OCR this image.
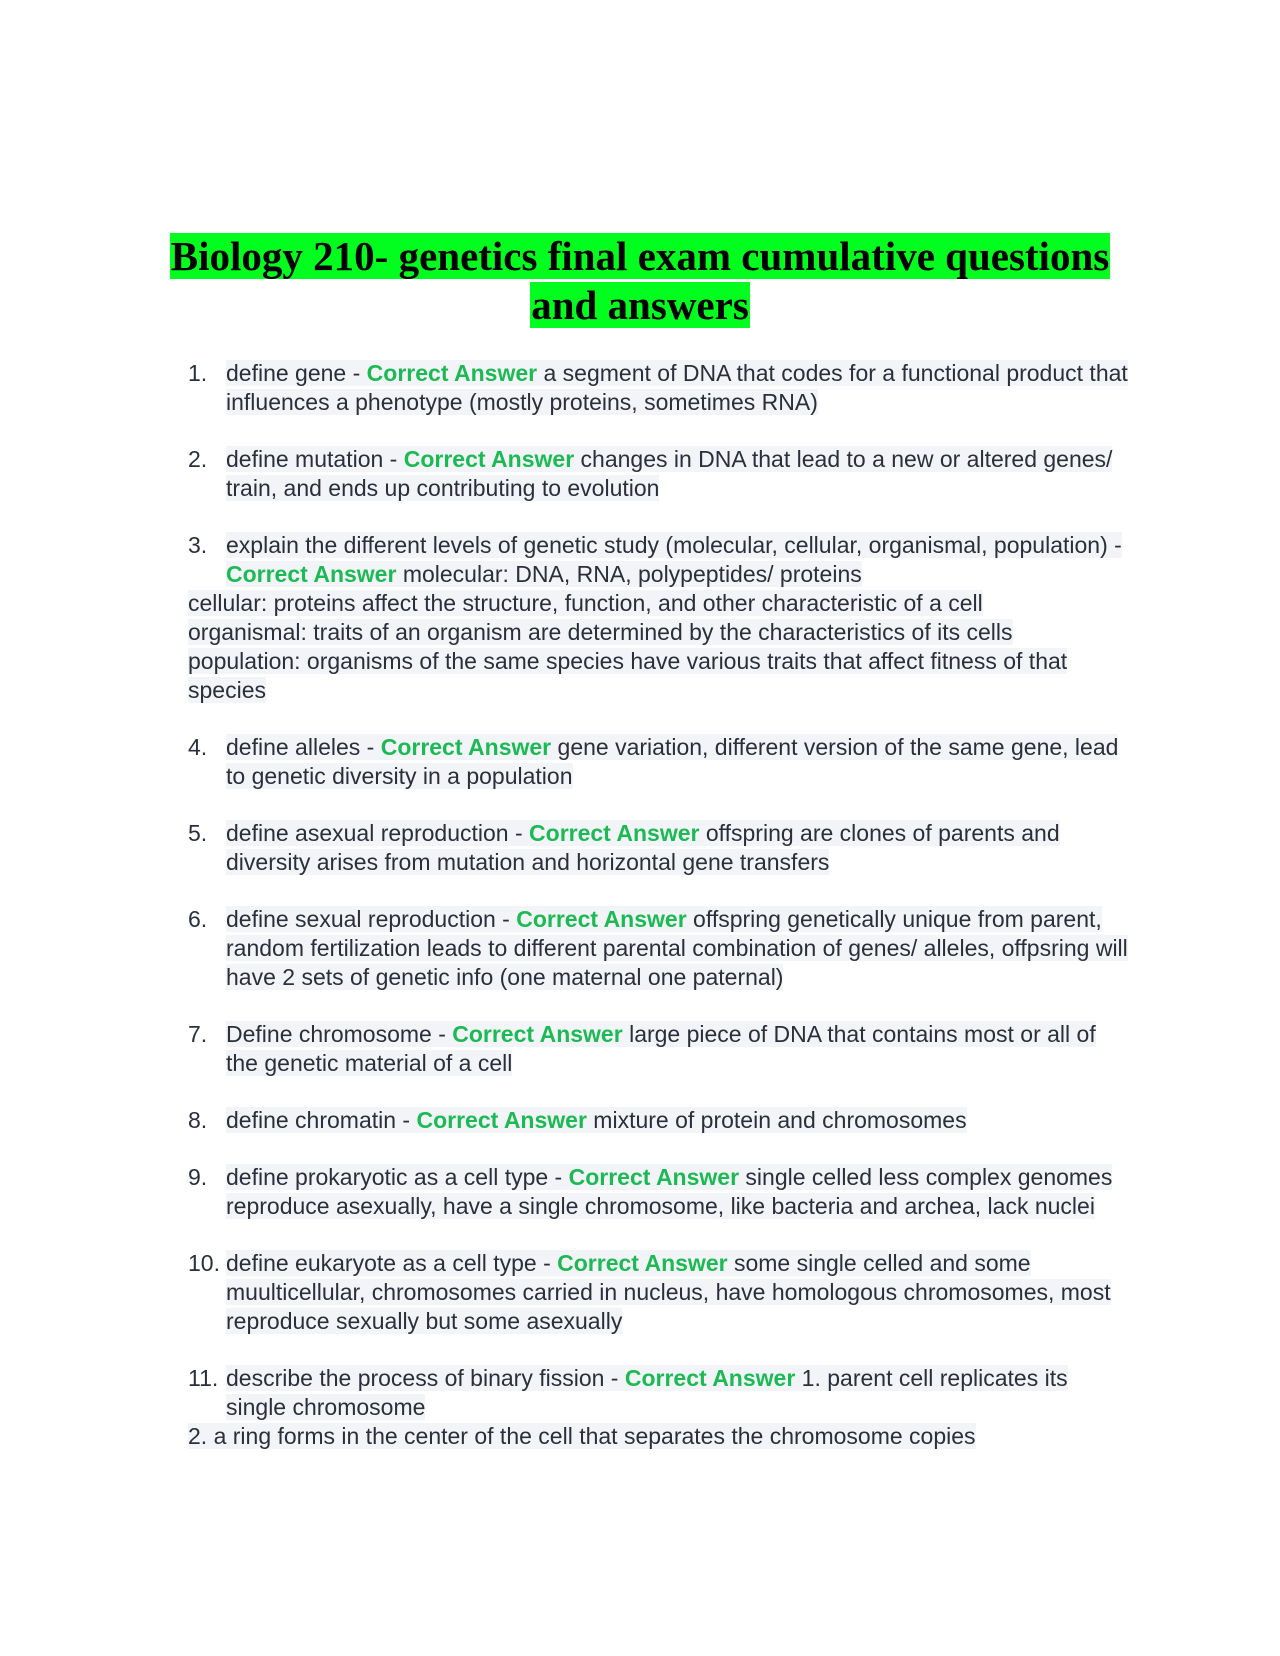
Biology 210- genetics final exam cumulative questions and answers
1. define gene - Correct Answer a segment of DNA that codes for a functional product that influences a phenotype (mostly proteins, sometimes RNA)
2. define mutation - Correct Answer changes in DNA that lead to a new or altered genes/ train, and ends up contributing to evolution
3. explain the different levels of genetic study (molecular, cellular, organismal, population) - Correct Answer molecular: DNA, RNA, polypeptides/ proteins
cellular: proteins affect the structure, function, and other characteristic of a cell
organismal: traits of an organism are determined by the characteristics of its cells
population: organisms of the same species have various traits that affect fitness of that species
4. define alleles - Correct Answer gene variation, different version of the same gene, lead to genetic diversity in a population
5. define asexual reproduction - Correct Answer offspring are clones of parents and diversity arises from mutation and horizontal gene transfers
6. define sexual reproduction - Correct Answer offspring genetically unique from parent, random fertilization leads to different parental combination of genes/ alleles, offpsring will have 2 sets of genetic info (one maternal one paternal)
7. Define chromosome - Correct Answer large piece of DNA that contains most or all of the genetic material of a cell
8. define chromatin - Correct Answer mixture of protein and chromosomes
9. define prokaryotic as a cell type - Correct Answer single celled less complex genomes reproduce asexually, have a single chromosome, like bacteria and archea, lack nuclei
10. define eukaryote as a cell type - Correct Answer some single celled and some muulticellular, chromosomes carried in nucleus, have homologous chromosomes, most reproduce sexually but some asexually
11. describe the process of binary fission - Correct Answer 1. parent cell replicates its single chromosome
2. a ring forms in the center of the cell that separates the chromosome copies
